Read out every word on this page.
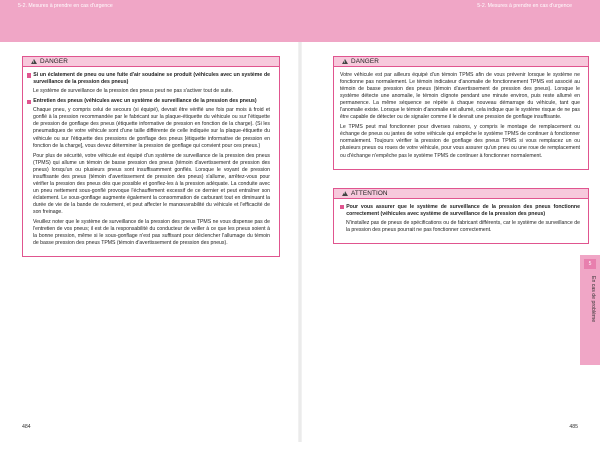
5-2. Mesures à prendre en cas d'urgence	5-2. Mesures à prendre en cas d'urgence
!
DANGER
Si un éclatement de pneu ou une fuite d'air soudaine se produit (véhicules avec un système de surveillance de la pression des pneus)

Le système de surveillance de la pression des pneus peut ne pas s'activer tout de suite.

Entretien des pneus (véhicules avec un système de surveillance de la pression des pneus)

Chaque pneu, y compris celui de secours (si équipé), devrait être vérifié une fois par mois à froid et gonflé à la pression recommandée par le fabricant sur la plaque-étiquette du véhicule ou sur l'étiquette de pression de gonflage des pneus (étiquette informative de pression en fonction de la charge). (Si les pneumatiques de votre véhicule sont d'une taille différente de celle indiquée sur la plaque-étiquette du véhicule ou sur l'étiquette des pressions de gonflage des pneus [étiquette informative de pression en fonction de la charge], vous devez déterminer la pression de gonflage qui convient pour ces pneus.)

Pour plus de sécurité, votre véhicule est équipé d'un système de surveillance de la pression des pneus (TPMS) qui allume un témoin de basse pression des pneus (témoin d'avertissement de pression des pneus) lorsqu'un ou plusieurs pneus sont insuffisamment gonflés. Lorsque le voyant de pression insuffisante des pneus (témoin d'avertissement de pression des pneus) s'allume, arrêtez-vous pour vérifier la pression des pneus dès que possible et gonflez-les à la pression adéquate. La conduite avec un pneu nettement sous-gonflé provoque l'échauffement excessif de ce dernier et peut entraîner son éclatement. Le sous-gonflage augmente également la consommation de carburant tout en diminuant la durée de vie de la bande de roulement, et peut affecter le manœuvrabilité du véhicule et l'efficacité de son freinage.

Veuillez noter que le système de surveillance de la pression des pneus TPMS ne vous dispense pas de l'entretien de vos pneus; il est de la responsabilité du conducteur de veiller à ce que les pneus soient à la bonne pression, même si le sous-gonflage n'est pas suffisant pour déclencher l'allumage du témoin de basse pression des pneus TPMS (témoin d'avertissement de pression des pneus).

!
DANGER

Votre véhicule est par ailleurs équipé d'un témoin TPMS afin de vous prévenir lorsque le système ne fonctionne pas normalement. Le témoin indicateur d'anomalie de fonctionnement TPMS est associé au témoin de basse pression des pneus (témoin d'avertissement de pression des pneus). Lorsque le système détecte une anomalie, le témoin clignote pendant une minute environ, puis reste allumé en permanence. La même séquence se répète à chaque nouveau démarrage du véhicule, tant que l'anomalie existe. Lorsque le témoin d'anomalie est allumé, cela indique que le système risque de ne pas être capable de détecter ou de signaler comme il le devrait une pression de gonflage insuffisante.

Le TPMS peut mal fonctionner pour diverses raisons, y compris le montage de remplacement ou échange de pneus ou jantes de votre véhicule qui empêche le système TPMS de continuer à fonctionner normalement. Toujours vérifier la pression de gonflage des pneus TPMS si vous remplacez un ou plusieurs pneus ou roues de votre véhicule, pour vous assurer qu'un pneu ou une roue de remplacement ou d'échange n'empêche pas le système TPMS de continuer à fonctionner normalement.

!
ATTENTION
Pour vous assurer que le système de surveillance de la pression des pneus fonctionne correctement (véhicules avec système de surveillance de la pression des pneus)

N'installez pas de pneus de spécifications ou de fabricant différents, car le système de surveillance de la pression des pneus pourrait ne pas fonctionner correctement.

5
En cas de problème
484	485
